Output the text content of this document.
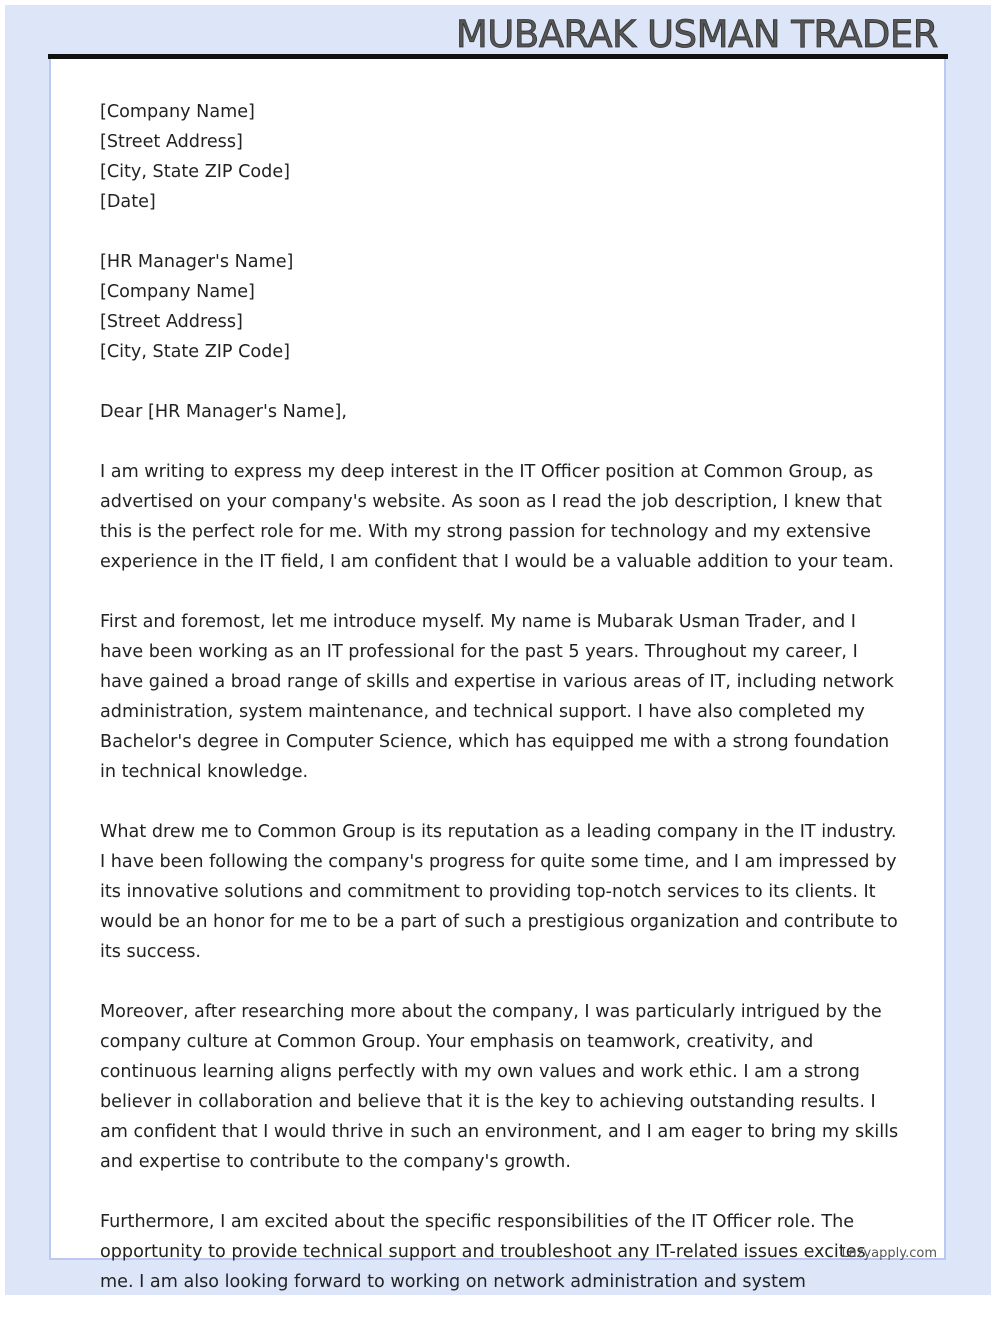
MUBARAK USMAN TRADER
[Company Name]
[Street Address]
[City, State ZIP Code]
[Date]
[HR Manager's Name]
[Company Name]
[Street Address]
[City, State ZIP Code]
Dear [HR Manager's Name],

I am writing to express my deep interest in the IT Officer position at Common Group, as advertised on your company's website. As soon as I read the job description, I knew that this is the perfect role for me. With my strong passion for technology and my extensive experience in the IT field, I am confident that I would be a valuable addition to your team.

First and foremost, let me introduce myself. My name is Mubarak Usman Trader, and I have been working as an IT professional for the past 5 years. Throughout my career, I have gained a broad range of skills and expertise in various areas of IT, including network administration, system maintenance, and technical support. I have also completed my Bachelor's degree in Computer Science, which has equipped me with a strong foundation in technical knowledge.

What drew me to Common Group is its reputation as a leading company in the IT industry. I have been following the company's progress for quite some time, and I am impressed by its innovative solutions and commitment to providing top-notch services to its clients. It would be an honor for me to be a part of such a prestigious organization and contribute to its success.

Moreover, after researching more about the company, I was particularly intrigued by the company culture at Common Group. Your emphasis on teamwork, creativity, and continuous learning aligns perfectly with my own values and work ethic. I am a strong believer in collaboration and believe that it is the key to achieving outstanding results. I am confident that I would thrive in such an environment, and I am eager to bring my skills and expertise to contribute to the company's growth.

Furthermore, I am excited about the specific responsibilities of the IT Officer role. The opportunity to provide technical support and troubleshoot any IT-related issues excites me. I am also looking forward to working on network administration and system

Lazyapply.com
